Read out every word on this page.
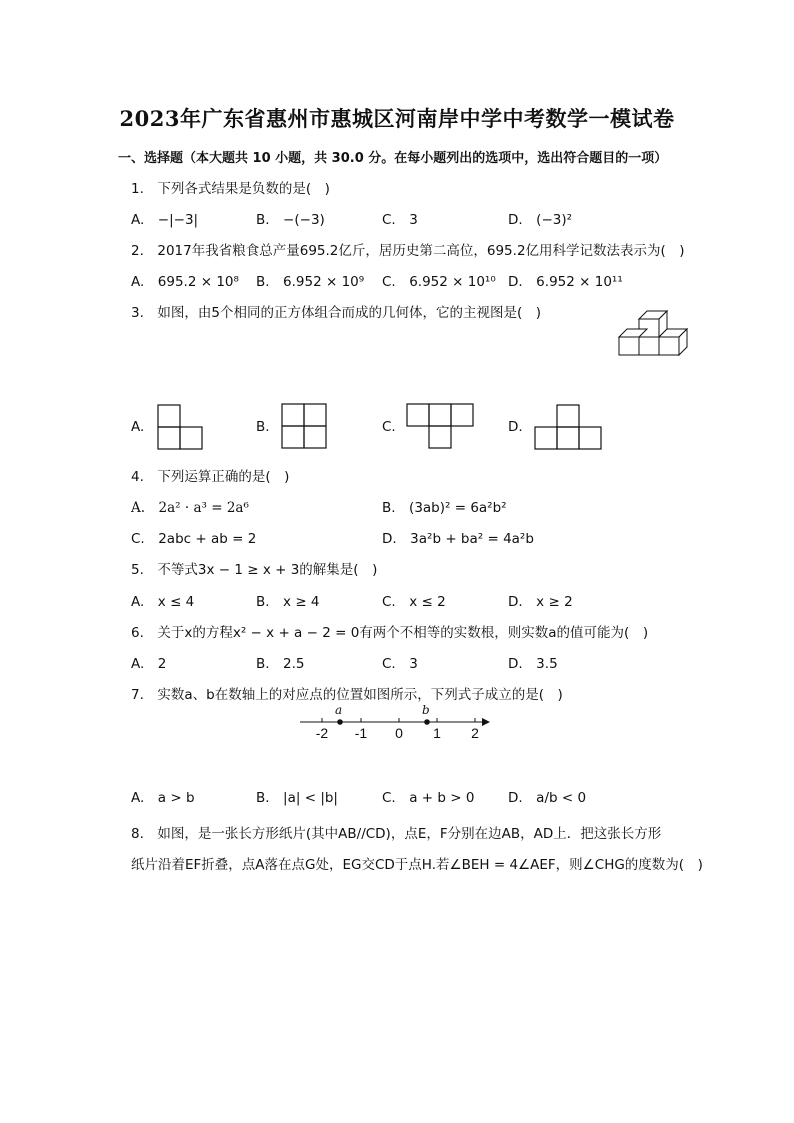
2023年广东省惠州市惠城区河南岸中学中考数学一模试卷
一、选择题（本大题共 10 小题，共 30.0 分。在每小题列出的选项中，选出符合题目的一项）
1.　下列各式结果是负数的是(　)
A.　−|−3|	B.　−(−3)	C.　3	D.　(−3)²
2.　2017年我省粮食总产量695.2亿斤，居历史第二高位，695.2亿用科学记数法表示为(　)
A.　695.2 × 10⁸ B.　6.952 × 10⁹ C.　6.952 × 10¹⁰ D.　6.952 × 10¹¹
3.　如图，由5个相同的正方体组合而成的几何体，它的主视图是(　)
A.	B.	C.	D.
4.　下列运算正确的是(　)
A.　2a² · a³ = 2a⁶	B.　(3ab)² = 6a²b²
C.　2abc + ab = 2	D.　3a²b + ba² = 4a²b
5.　不等式3x − 1 ≥ x + 3的解集是(　)
A.　x ≤ 4	B.　x ≥ 4	C.　x ≤ 2	D.　x ≥ 2
6.　关于x的方程x² − x + a − 2 = 0有两个不相等的实数根，则实数a的值可能为(　)
A.　2	B.　2.5	C.　3	D.　3.5
7.　实数a、b在数轴上的对应点的位置如图所示，下列式子成立的是(　)
a	b
-2 -1 0 1 2
A.　a > b	B.　|a| < |b|	C.　a + b > 0 D.　a/b < 0
8.　如图，是一张长方形纸片(其中AB//CD)，点E，F分别在边AB，AD上．把这张长方形
纸片沿着EF折叠，点A落在点G处，EG交CD于点H.若∠BEH = 4∠AEF，则∠CHG的度数为(　)
